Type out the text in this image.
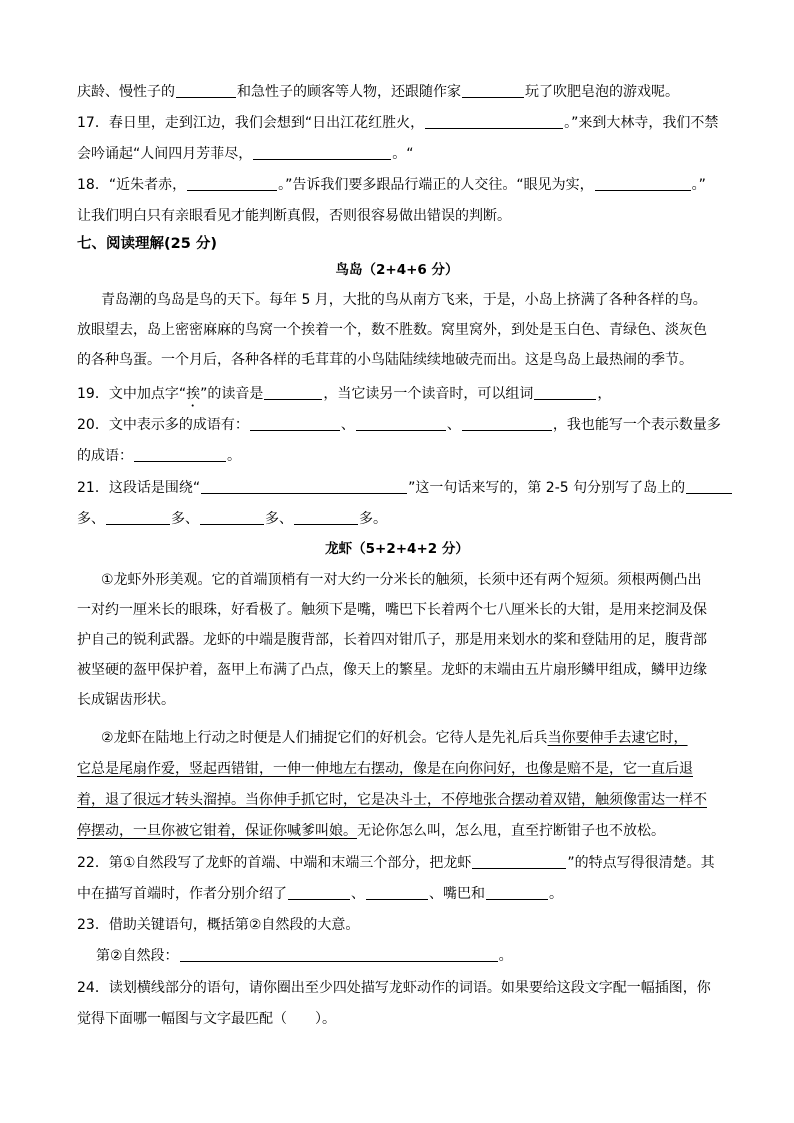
庆龄、慢性子的	和急性子的顾客等人物，还跟随作家	玩了吹肥皂泡的游戏呢。
17．春日里，走到江边，我们会想到“日出江花红胜火，	。”来到大林寺，我们不禁
会吟诵起“人间四月芳菲尽，	。“
18．“近朱者赤，	。”告诉我们要多跟品行端正的人交往。“眼见为实，	。”
让我们明白只有亲眼看见才能判断真假，否则很容易做出错误的判断。
七、阅读理解(25 分)
鸟岛（2+4+6 分）
青岛潮的鸟岛是鸟的天下。每年 5 月，大批的鸟从南方飞来，于是，小岛上挤满了各种各样的鸟。
放眼望去，岛上密密麻麻的鸟窝一个挨着一个，数不胜数。窝里窝外，到处是玉白色、青绿色、淡灰色
的各种鸟蛋。一个月后，各种各样的毛茸茸的小鸟陆陆续续地破壳而出。这是鸟岛上最热闹的季节。
19．文中加点字“挨”的读音是	，当它读另一个读音时，可以组词	，
20．文中表示多的成语有：	、	、	，我也能写一个表示数量多
的成语：	。
21．这段话是围绕“	”这一句话来写的，第 2-5 句分别写了岛上的
多、	多、	多、	多。
龙虾（5+2+4+2 分）
①龙虾外形美观。它的首端顶梢有一对大约一分米长的触须，长须中还有两个短须。须根两侧凸出
一对约一厘米长的眼珠，好看极了。触须下是嘴，嘴巴下长着两个七八厘米长的大钳，是用来挖洞及保
护自己的锐利武器。龙虾的中端是腹背部，长着四对钳爪子，那是用来划水的桨和登陆用的足，腹背部
被坚硬的盔甲保护着，盔甲上布满了凸点，像天上的繁星。龙虾的末端由五片扇形鳞甲组成，鳞甲边缘
长成锯齿形状。
②龙虾在陆地上行动之时便是人们捕捉它们的好机会。它待人是先礼后兵当你要伸手去逮它时，
它总是尾扇作爱，竖起西错钳，一伸一伸地左右摆动，像是在向你问好，也像是赔不是，它一直后退
着，退了很远才转头溜掉。当你伸手抓它时，它是决斗士，不停地张合摆动着双错，触须像雷达一样不
停摆动，一旦你被它钳着，保证你喊爹叫娘。无论你怎么叫，怎么甩，直至拧断钳子也不放松。
22．第①自然段写了龙虾的首端、中端和末端三个部分，把龙虾	”的特点写得很清楚。其
中在描写首端时，作者分别介绍了	、	、嘴巴和	。
23．借助关键语句，概括第②自然段的大意。
第②自然段：	。
24．读划横线部分的语句，请你圈出至少四处描写龙虾动作的词语。如果要给这段文字配一幅插图，你
觉得下面哪一幅图与文字最匹配（　　）。
